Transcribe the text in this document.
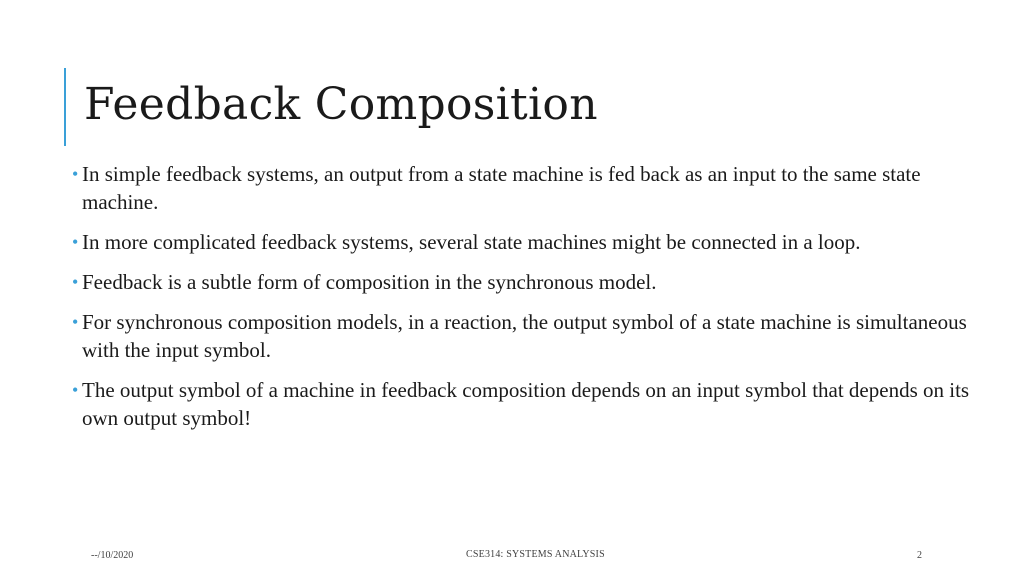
Feedback Composition
• In simple feedback systems, an output from a state machine is fed back as an input to the same state machine.
• In more complicated feedback systems, several state machines might be connected in a loop.
• Feedback is a subtle form of composition in the synchronous model.
• For synchronous composition models, in a reaction, the output symbol of a state machine is simultaneous with the input symbol.
• The output symbol of a machine in feedback composition depends on an input symbol that depends on its own output symbol!
--/10/2020	CSE314: SYSTEMS ANALYSIS	2
